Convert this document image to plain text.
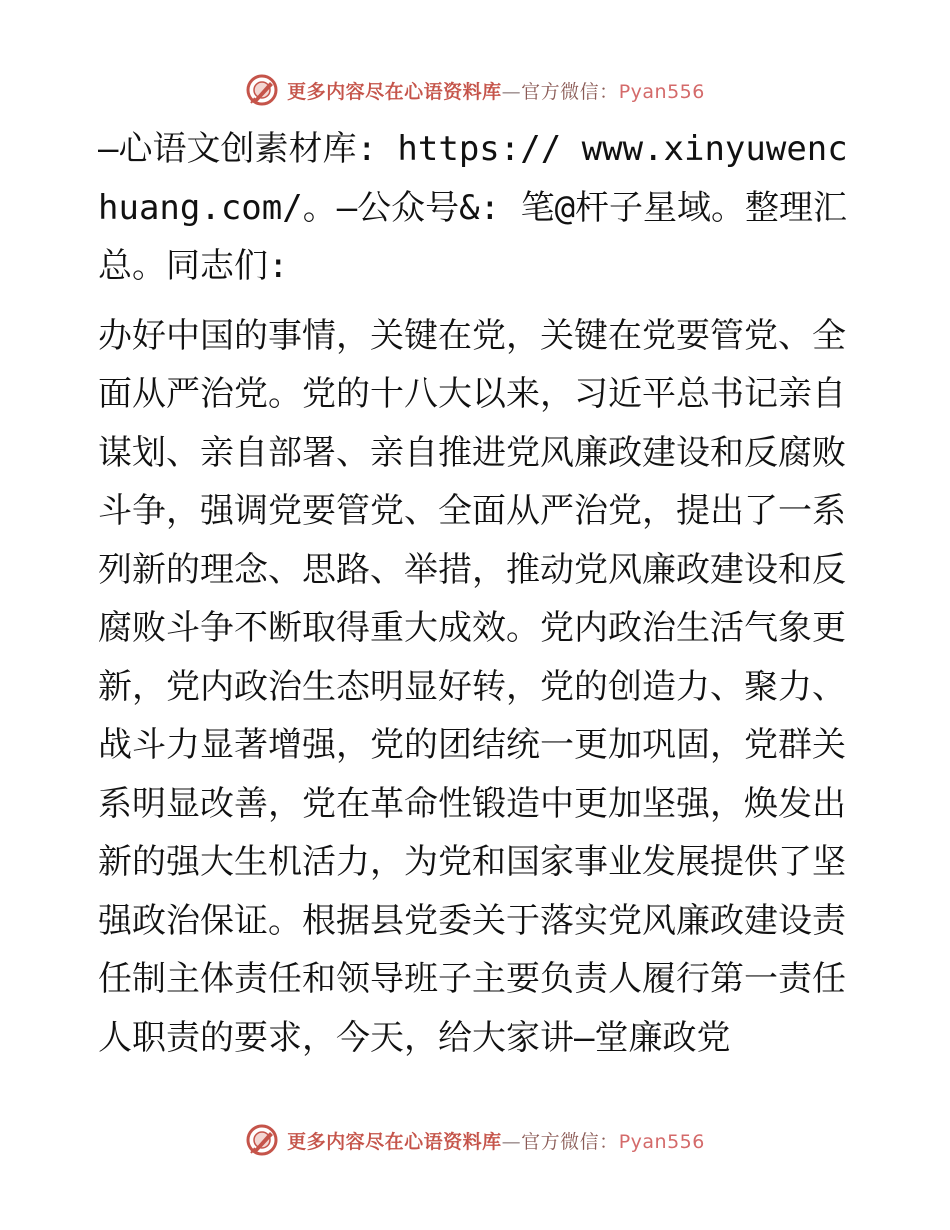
更多内容尽在心语资料库—官方微信：Pyan556

—心语文创素材库: https:// www.xinyuwenchuang.com/。—公众号&: 笔@杆子星域。整理汇总。同志们:

办好中国的事情，关键在党，关键在党要管党、全面从严治党。党的十八大以来，习近平总书记亲自谋划、亲自部署、亲自推进党风廉政建设和反腐败斗争，强调党要管党、全面从严治党，提出了一系列新的理念、思路、举措，推动党风廉政建设和反腐败斗争不断取得重大成效。党内政治生活气象更新，党内政治生态明显好转，党的创造力、聚力、战斗力显著增强，党的团结统一更加巩固，党群关系明显改善，党在革命性锻造中更加坚强，焕发出新的强大生机活力，为党和国家事业发展提供了坚强政治保证。根据县党委关于落实党风廉政建设责任制主体责任和领导班子主要负责人履行第一责任人职责的要求，今天，给大家讲—堂廉政党

更多内容尽在心语资料库—官方微信：Pyan556
